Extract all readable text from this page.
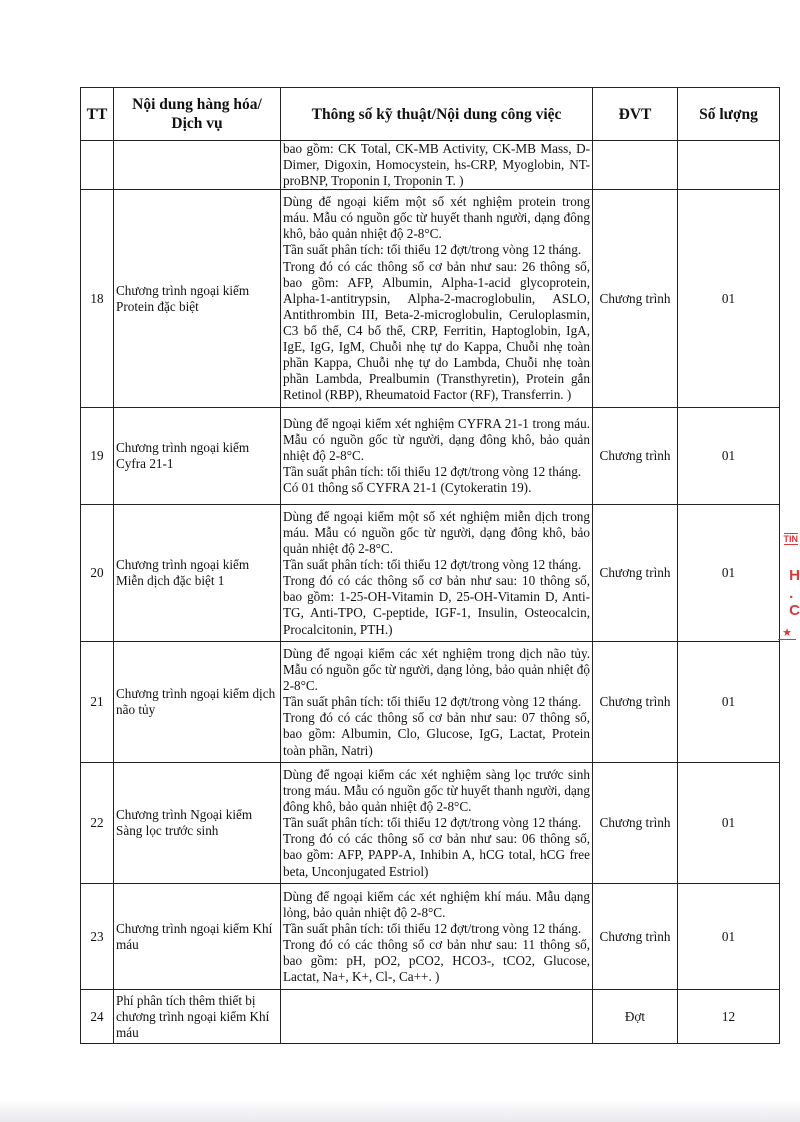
TT	Nội dung hàng hóa/ Dịch vụ	Thông số kỹ thuật/Nội dung công việc	ĐVT	Số lượng

		bao gồm: CK Total, CK-MB Activity, CK-MB Mass, D-Dimer, Digoxin, Homocystein, hs-CRP, Myoglobin, NT-proBNP, Troponin I, Troponin T. )		

18	Chương trình ngoại kiểm Protein đặc biệt	Dùng để ngoại kiểm một số xét nghiệm protein trong máu. Mẫu có nguồn gốc từ huyết thanh người, dạng đông khô, bảo quản nhiệt độ 2-8°C.
Tần suất phân tích: tối thiểu 12 đợt/trong vòng 12 tháng.
Trong đó có các thông số cơ bản như sau: 26 thông số, bao gồm: AFP, Albumin, Alpha-1-acid glycoprotein, Alpha-1-antitrypsin, Alpha-2-macroglobulin, ASLO, Antithrombin III, Beta-2-microglobulin, Ceruloplasmin, C3 bổ thể, C4 bổ thể, CRP, Ferritin, Haptoglobin, IgA, IgE, IgG, IgM, Chuỗi nhẹ tự do Kappa, Chuỗi nhẹ toàn phần Kappa, Chuỗi nhẹ tự do Lambda, Chuỗi nhẹ toàn phần Lambda, Prealbumin (Transthyretin), Protein gắn Retinol (RBP), Rheumatoid Factor (RF), Transferrin. )	Chương trình	01
19	Chương trình ngoại kiểm Cyfra 21-1	Dùng để ngoại kiểm xét nghiệm CYFRA 21-1 trong máu. Mẫu có nguồn gốc từ người, dạng đông khô, bảo quản nhiệt độ 2-8°C.
Tần suất phân tích: tối thiểu 12 đợt/trong vòng 12 tháng.
Có 01 thông số CYFRA 21-1 (Cytokeratin 19).	Chương trình	01
20	Chương trình ngoại kiểm Miễn dịch đặc biệt 1	Dùng để ngoại kiểm một số xét nghiệm miễn dịch trong máu. Mẫu có nguồn gốc từ người, dạng đông khô, bảo quản nhiệt độ 2-8°C.
Tần suất phân tích: tối thiểu 12 đợt/trong vòng 12 tháng.
Trong đó có các thông số cơ bản như sau: 10 thông số, bao gồm: 1-25-OH-Vitamin D, 25-OH-Vitamin D, Anti-TG, Anti-TPO, C-peptide, IGF-1, Insulin, Osteocalcin, Procalcitonin, PTH.)	Chương trình	01
21	Chương trình ngoại kiểm dịch não tủy	Dùng để ngoại kiểm các xét nghiệm trong dịch não tủy. Mẫu có nguồn gốc từ người, dạng lỏng, bảo quản nhiệt độ 2-8°C.
Tần suất phân tích: tối thiểu 12 đợt/trong vòng 12 tháng.
Trong đó có các thông số cơ bản như sau: 07 thông số, bao gồm: Albumin, Clo, Glucose, IgG, Lactat, Protein toàn phần, Natri)	Chương trình	01
22	Chương trình Ngoại kiểm Sàng lọc trước sinh	Dùng để ngoại kiểm các xét nghiệm sàng lọc trước sinh trong máu. Mẫu có nguồn gốc từ huyết thanh người, dạng đông khô, bảo quản nhiệt độ 2-8°C.
Tần suất phân tích: tối thiểu 12 đợt/trong vòng 12 tháng.
Trong đó có các thông số cơ bản như sau: 06 thông số, bao gồm: AFP, PAPP-A, Inhibin A, hCG total, hCG free beta, Unconjugated Estriol)	Chương trình	01
23	Chương trình ngoại kiểm Khí máu	Dùng để ngoại kiểm các xét nghiệm khí máu. Mẫu dạng lỏng, bảo quản nhiệt độ 2-8°C.
Tần suất phân tích: tối thiểu 12 đợt/trong vòng 12 tháng.
Trong đó có các thông số cơ bản như sau: 11 thông số, bao gồm: pH, pO2, pCO2, HCO3-, tCO2, Glucose, Lactat, Na+, K+, Cl-, Ca++. )	Chương trình	01
24	Phí phân tích thêm thiết bị chương trình ngoại kiểm Khí máu		Đợt	12
TIN
H
. C
★
